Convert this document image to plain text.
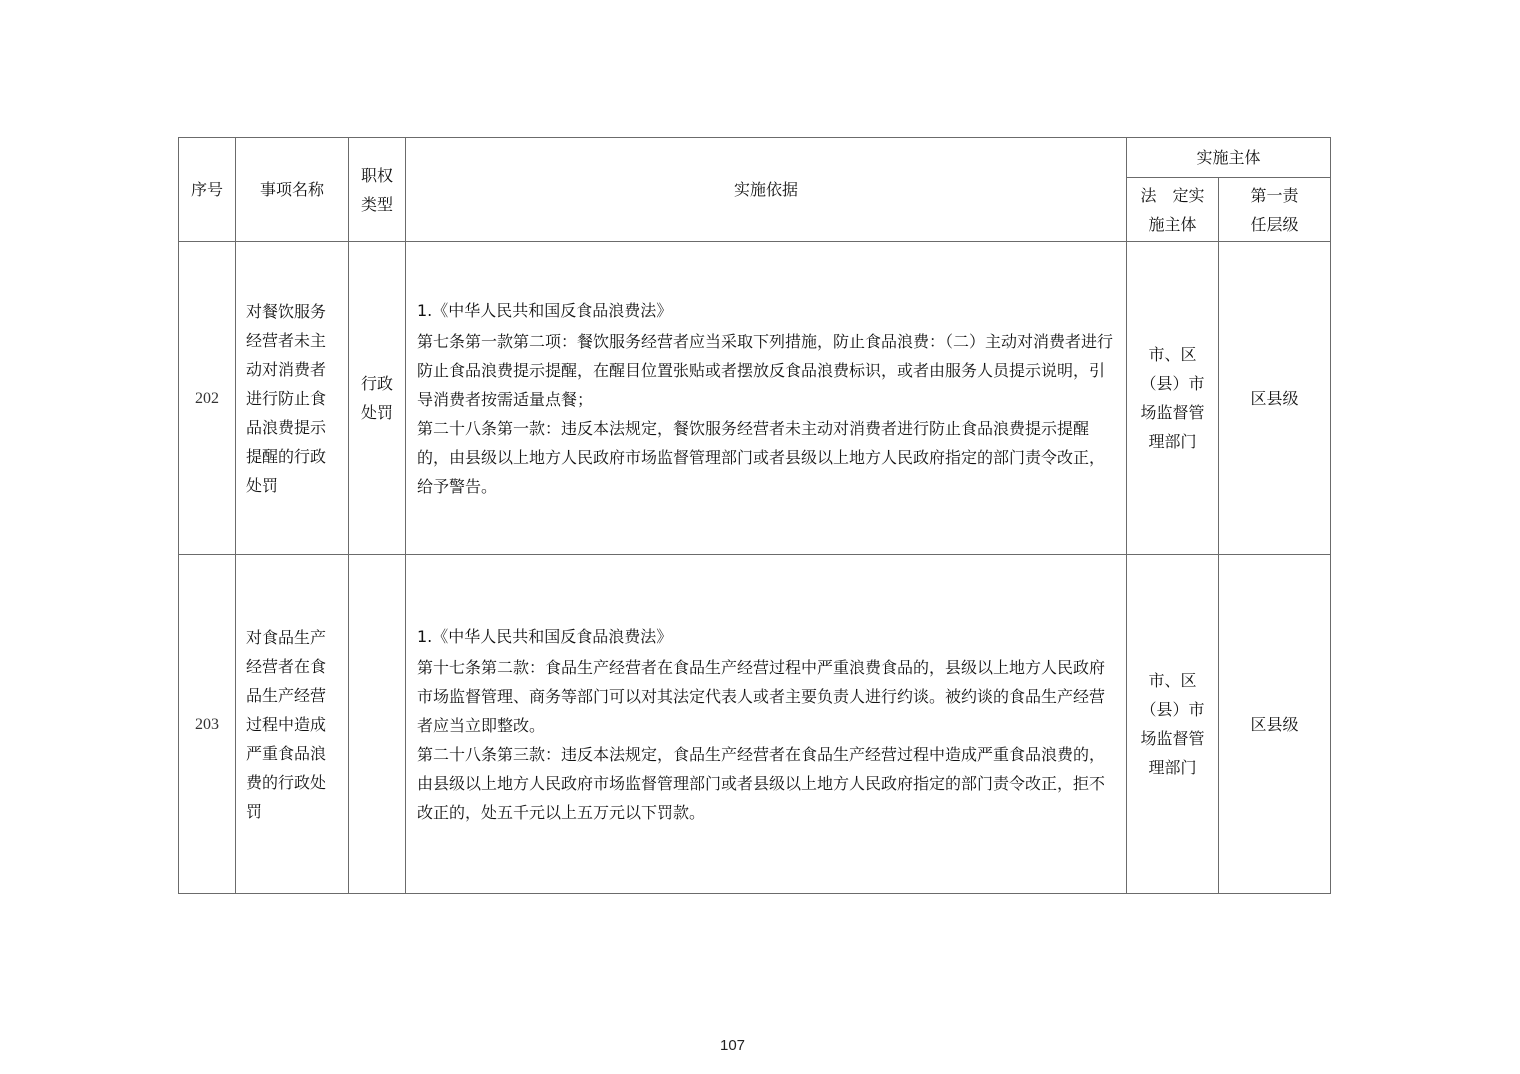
序号	事项名称	职权类型	实施依据	实施主体	
				法　定实施主体	第一责任层级
202	对餐饮服务经营者未主动对消费者进行防止食品浪费提示提醒的行政处罚	行政处罚	1.《中华人民共和国反食品浪费法》

第七条第一款第二项：餐饮服务经营者应当采取下列措施，防止食品浪费：（二）主动对消费者进行防止食品浪费提示提醒，在醒目位置张贴或者摆放反食品浪费标识，或者由服务人员提示说明，引导消费者按需适量点餐；

第二十八条第一款：违反本法规定，餐饮服务经营者未主动对消费者进行防止食品浪费提示提醒的，由县级以上地方人民政府市场监督管理部门或者县级以上地方人民政府指定的部门责令改正，给予警告。	市、区（县）市场监督管理部门	区县级
203	对食品生产经营者在食品生产经营过程中造成严重食品浪费的行政处罚		1.《中华人民共和国反食品浪费法》

第十七条第二款：食品生产经营者在食品生产经营过程中严重浪费食品的，县级以上地方人民政府市场监督管理、商务等部门可以对其法定代表人或者主要负责人进行约谈。被约谈的食品生产经营者应当立即整改。

第二十八条第三款：违反本法规定，食品生产经营者在食品生产经营过程中造成严重食品浪费的，由县级以上地方人民政府市场监督管理部门或者县级以上地方人民政府指定的部门责令改正，拒不改正的，处五千元以上五万元以下罚款。	市、区（县）市场监督管理部门	区县级
107
